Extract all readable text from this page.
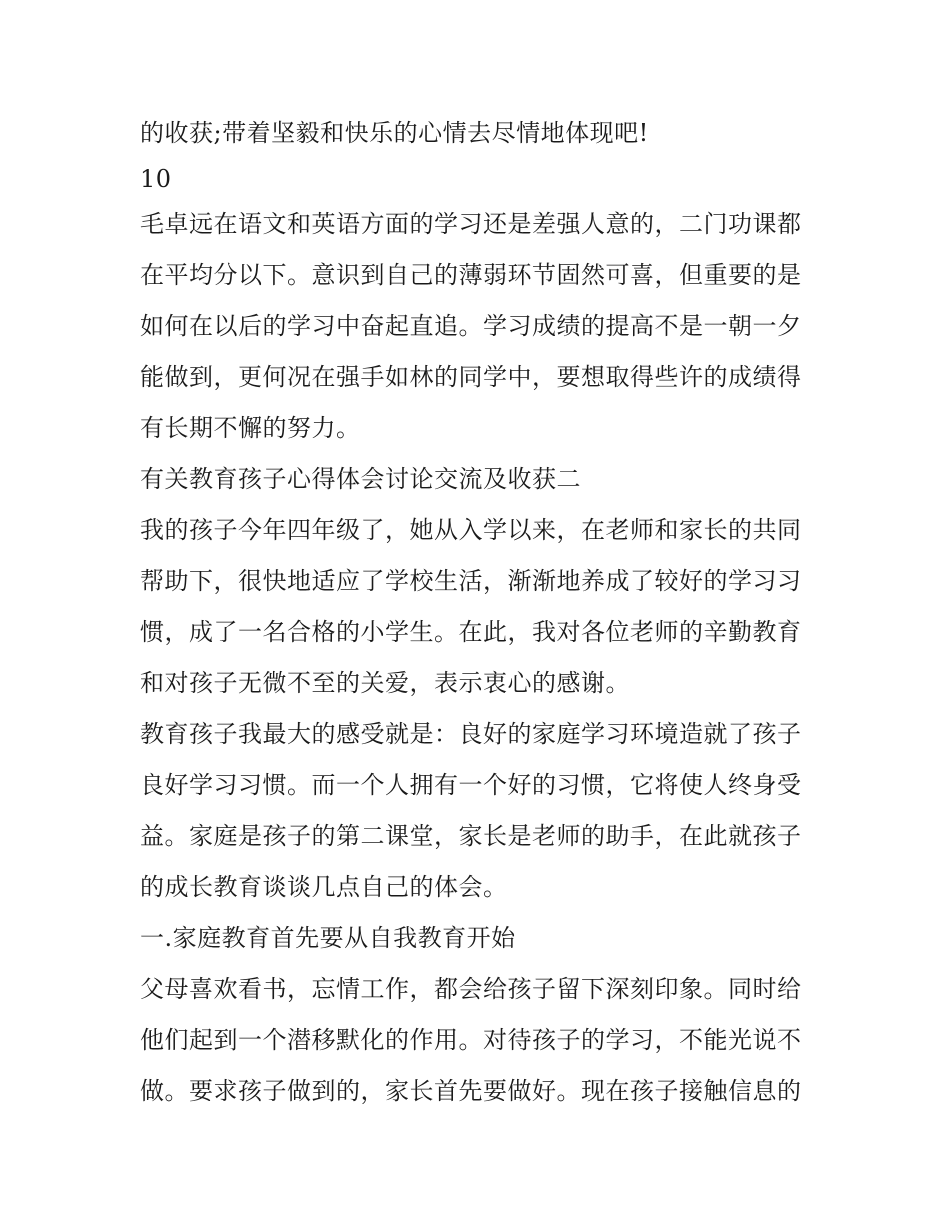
的收获;带着坚毅和快乐的心情去尽情地体现吧!

10

毛卓远在语文和英语方面的学习还是差强人意的，二门功课都在平均分以下。意识到自己的薄弱环节固然可喜，但重要的是如何在以后的学习中奋起直追。学习成绩的提高不是一朝一夕能做到，更何况在强手如林的同学中，要想取得些许的成绩得有长期不懈的努力。

有关教育孩子心得体会讨论交流及收获二

我的孩子今年四年级了，她从入学以来，在老师和家长的共同帮助下，很快地适应了学校生活，渐渐地养成了较好的学习习惯，成了一名合格的小学生。在此，我对各位老师的辛勤教育和对孩子无微不至的关爱，表示衷心的感谢。

教育孩子我最大的感受就是：良好的家庭学习环境造就了孩子良好学习习惯。而一个人拥有一个好的习惯，它将使人终身受益。家庭是孩子的第二课堂，家长是老师的助手，在此就孩子的成长教育谈谈几点自己的体会。

一.家庭教育首先要从自我教育开始

父母喜欢看书，忘情工作，都会给孩子留下深刻印象。同时给他们起到一个潜移默化的作用。对待孩子的学习，不能光说不做。要求孩子做到的，家长首先要做好。现在孩子接触信息的
